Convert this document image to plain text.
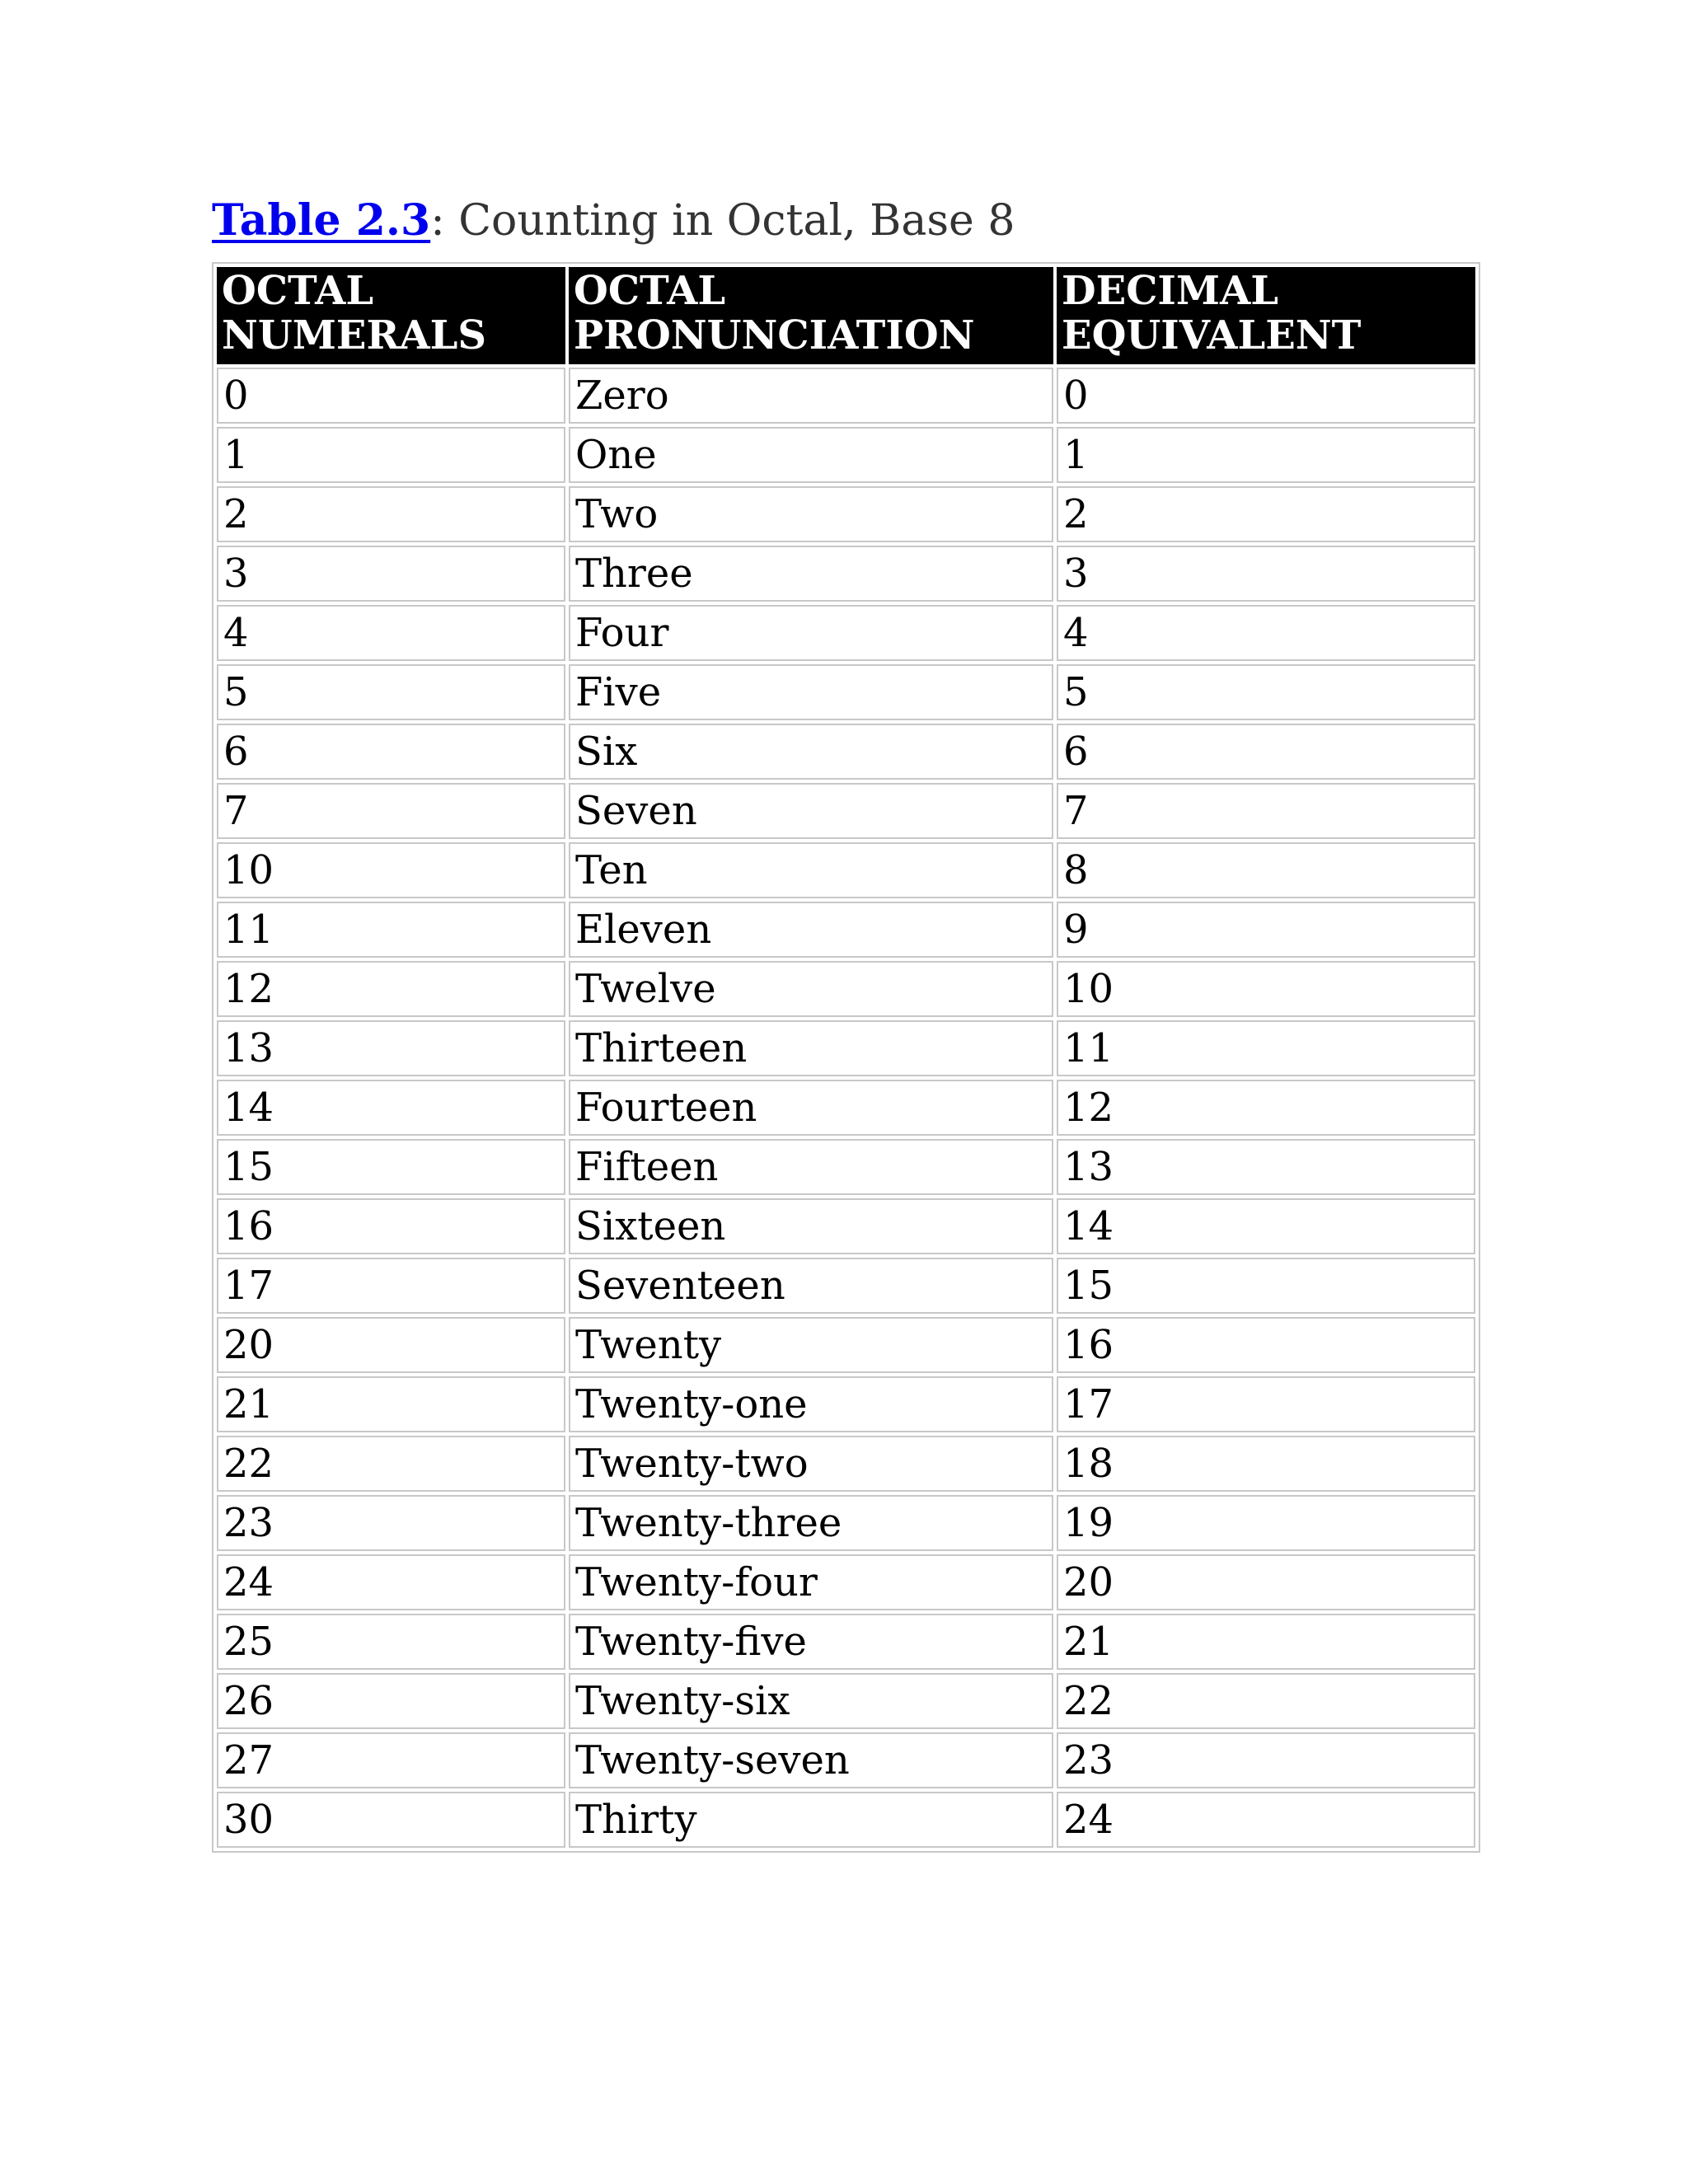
Table 2.3: Counting in Octal, Base 8
OCTAL NUMERALS	OCTAL PRONUNCIATION	DECIMAL EQUIVALENT
0	Zero	0
1	One	1
2	Two	2
3	Three	3
4	Four	4
5	Five	5
6	Six	6
7	Seven	7
10	Ten	8
11	Eleven	9
12	Twelve	10
13	Thirteen	11
14	Fourteen	12
15	Fifteen	13
16	Sixteen	14
17	Seventeen	15
20	Twenty	16
21	Twenty-one	17
22	Twenty-two	18
23	Twenty-three	19
24	Twenty-four	20
25	Twenty-five	21
26	Twenty-six	22
27	Twenty-seven	23
30	Thirty	24
